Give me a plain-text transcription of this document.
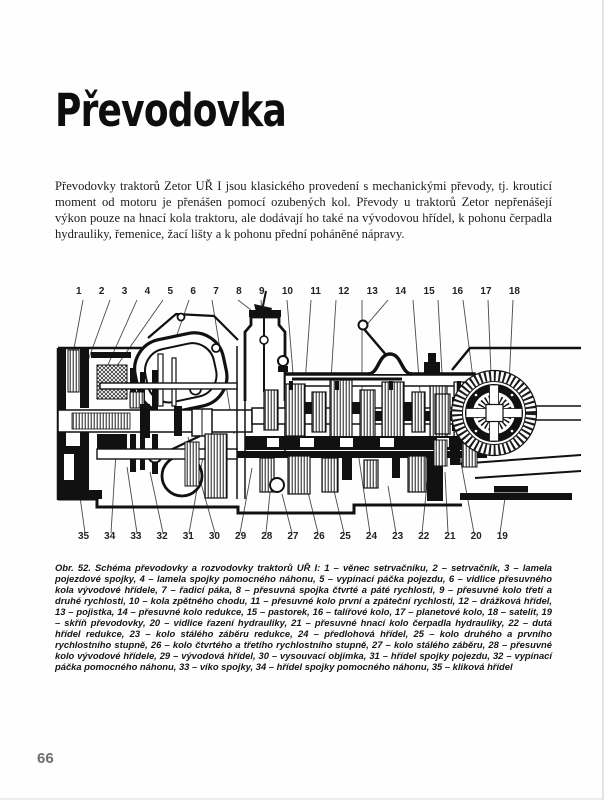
Převodovka

Převodovky traktorů Zetor UŘ I jsou klasického provedení s mechanickými převody, tj. krouticí moment od motoru je přenášen pomocí ozubených kol. Převody u traktorů Zetor nepřenášejí výkon pouze na hnací kola traktoru, ale dodávají ho také na vývodovou hřídel, k pohonu čerpadla hydrauliky, řemenice, žací lišty a k pohonu přední poháněné nápravy.

1 2 3 4 5 6 7 8 9 10 11 12 13 14 15 16 17 18
35 34 33 32 31 30 29 28 27 26 25 24 23 22 21 20 19

Obr. 52. Schéma převodovky a rozvodovky traktorů UŘ I: 1 – věnec setrvačníku, 2 – setrvačník, 3 – lamela pojezdové spojky, 4 – lamela spojky pomocného náhonu, 5 – vypínací páčka pojezdu, 6 – vidlice přesuvného kola vývodové hřídele, 7 – řadicí páka, 8 – přesuvná spojka čtvrté a páté rychlosti, 9 – přesuvné kolo třetí a druhé rychlosti, 10 – kola zpětného chodu, 11 – přesuvné kolo první a zpáteční rychlosti, 12 – drážková hřídel, 13 – pojistka, 14 – přesuvné kolo redukce, 15 – pastorek, 16 – talířové kolo, 17 – planetové kolo, 18 – satelit, 19 – skříň převodovky, 20 – vidlice řazení hydrauliky, 21 – přesuvné hnací kolo čerpadla hydrauliky, 22 – dutá hřídel redukce, 23 – kolo stálého záběru redukce, 24 – předlohová hřídel, 25 – kolo druhého a prvního rychlostního stupně, 26 – kolo čtvrtého a třetího rychlostního stupně, 27 – kolo stálého záběru, 28 – přesuvné kolo vývodové hřídele, 29 – vývodová hřídel, 30 – vysouvací objímka, 31 – hřídel spojky pojezdu, 32 – vypínací páčka pomocného náhonu, 33 – víko spojky, 34 – hřídel spojky pomocného náhonu, 35 – kliková hřídel

66
